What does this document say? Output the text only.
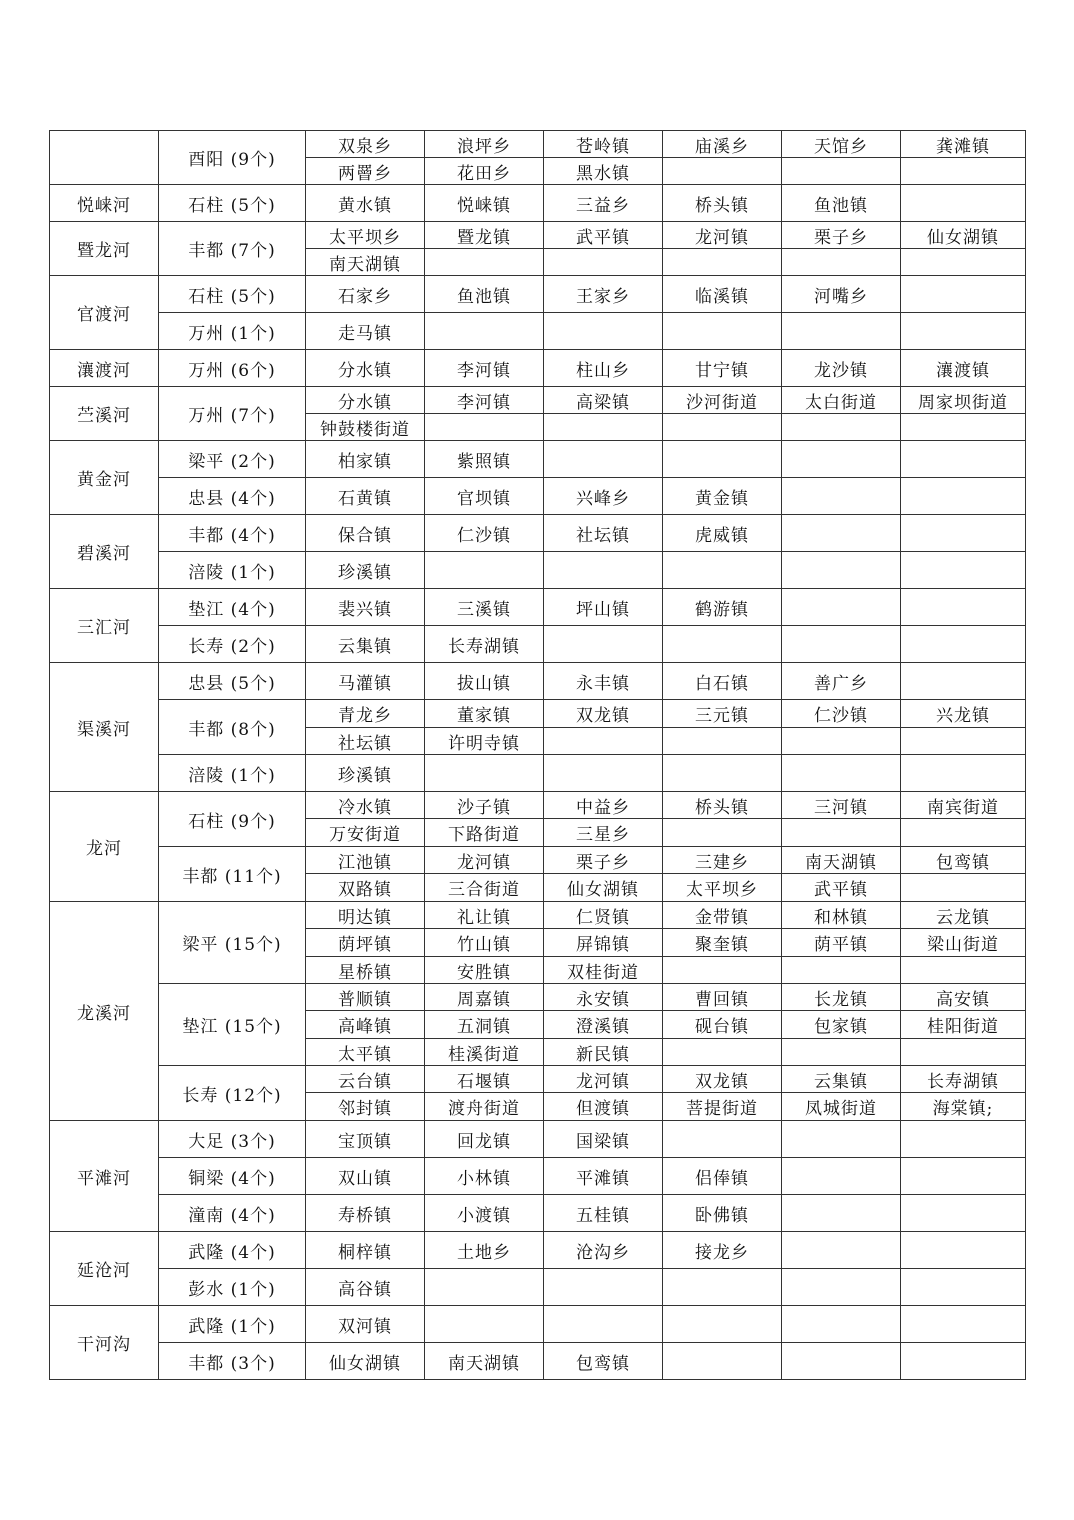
	酉阳 (9个)	双泉乡	浪坪乡	苍岭镇	庙溪乡	天馆乡	龚滩镇
		两罾乡	花田乡	黑水镇			
悦崃河	石柱 (5个)	黄水镇	悦崃镇	三益乡	桥头镇	鱼池镇	
暨龙河	丰都 (7个)	太平坝乡	暨龙镇	武平镇	龙河镇	栗子乡	仙女湖镇
		南天湖镇					
官渡河	石柱 (5个)	石家乡	鱼池镇	王家乡	临溪镇	河嘴乡	
	万州 (1个)	走马镇					
瀼渡河	万州 (6个)	分水镇	李河镇	柱山乡	甘宁镇	龙沙镇	瀼渡镇
苎溪河	万州 (7个)	分水镇	李河镇	高梁镇	沙河街道	太白街道	周家坝街道
		钟鼓楼街道					
黄金河	梁平 (2个)	柏家镇	紫照镇				
	忠县 (4个)	石黄镇	官坝镇	兴峰乡	黄金镇		
碧溪河	丰都 (4个)	保合镇	仁沙镇	社坛镇	虎威镇		
	涪陵 (1个)	珍溪镇					
三汇河	垫江 (4个)	裴兴镇	三溪镇	坪山镇	鹤游镇		
	长寿 (2个)	云集镇	长寿湖镇				
渠溪河	忠县 (5个)	马灌镇	拔山镇	永丰镇	白石镇	善广乡	
	丰都 (8个)	青龙乡	董家镇	双龙镇	三元镇	仁沙镇	兴龙镇
		社坛镇	许明寺镇				
	涪陵 (1个)	珍溪镇					
龙河	石柱 (9个)	冷水镇	沙子镇	中益乡	桥头镇	三河镇	南宾街道
		万安街道	下路街道	三星乡			
	丰都 (11个)	江池镇	龙河镇	栗子乡	三建乡	南天湖镇	包鸾镇
		双路镇	三合街道	仙女湖镇	太平坝乡	武平镇	
龙溪河	梁平 (15个)	明达镇	礼让镇	仁贤镇	金带镇	和林镇	云龙镇
		荫坪镇	竹山镇	屏锦镇	聚奎镇	荫平镇	梁山街道
		星桥镇	安胜镇	双桂街道			
	垫江 (15个)	普顺镇	周嘉镇	永安镇	曹回镇	长龙镇	高安镇
		高峰镇	五洞镇	澄溪镇	砚台镇	包家镇	桂阳街道
		太平镇	桂溪街道	新民镇			
	长寿 (12个)	云台镇	石堰镇	龙河镇	双龙镇	云集镇	长寿湖镇
		邻封镇	渡舟街道	但渡镇	菩提街道	凤城街道	海棠镇;
平滩河	大足 (3个)	宝顶镇	回龙镇	国梁镇			
	铜梁 (4个)	双山镇	小林镇	平滩镇	侣俸镇		
	潼南 (4个)	寿桥镇	小渡镇	五桂镇	卧佛镇		
延沧河	武隆 (4个)	桐梓镇	土地乡	沧沟乡	接龙乡		
	彭水 (1个)	高谷镇					
干河沟	武隆 (1个)	双河镇					
	丰都 (3个)	仙女湖镇	南天湖镇	包鸾镇			
